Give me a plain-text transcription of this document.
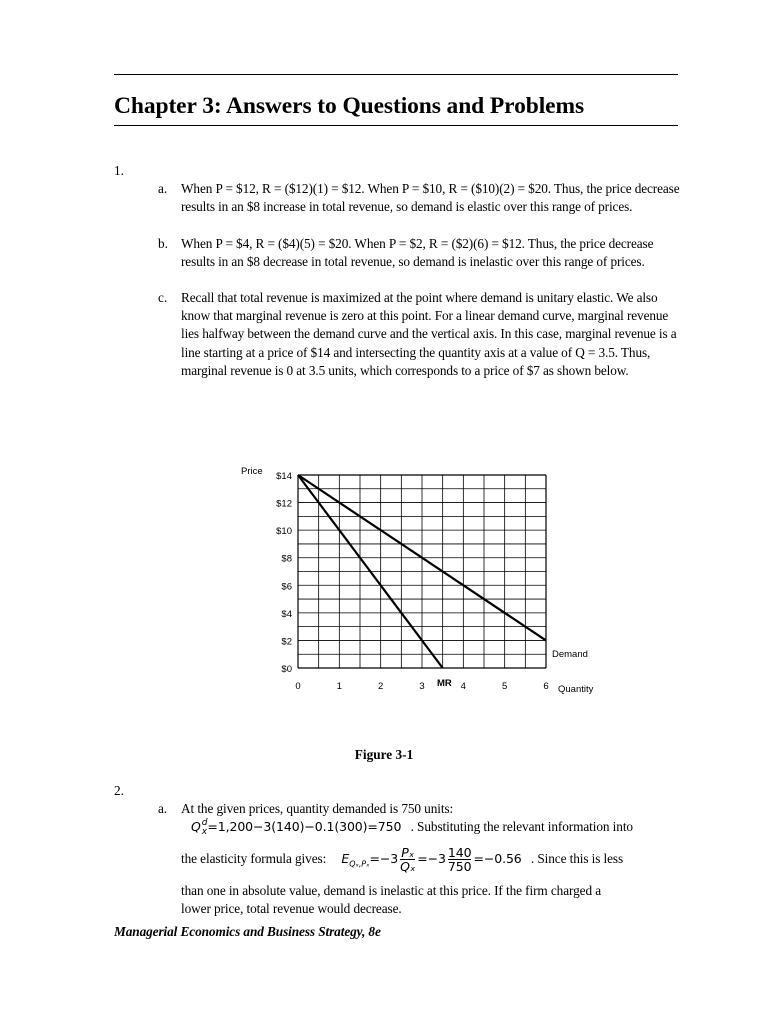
Chapter 3: Answers to Questions and Problems
1.
a.	When P = $12, R = ($12)(1) = $12. When P = $10, R = ($10)(2) = $20. Thus, the price decrease results in an $8 increase in total revenue, so demand is elastic over this range of prices.
b. When P = $4, R = ($4)(5) = $20. When P = $2, R = ($2)(6) = $12. Thus, the price decrease results in an $8 decrease in total revenue, so demand is inelastic over this range of prices.
c.	Recall that total revenue is maximized at the point where demand is unitary elastic. We also know that marginal revenue is zero at this point. For a linear demand curve, marginal revenue lies halfway between the demand curve and the vertical axis. In this case, marginal revenue is a line starting at a price of $14 and intersecting the quantity axis at a value of Q = 3.5. Thus, marginal revenue is 0 at 3.5 units, which corresponds to a price of $7 as shown below.
$0
$2
$4
$6
$8
$10
$12
$14
0	1	2	3	4	5	6
Price
Quantity
Demand
MR
Figure 3-1
2.
a. At the given prices, quantity demanded is 750 units:
Q d
x =1,200−3(140)−0.1(300)=750 . Substituting the relevant information into
the elasticity formula gives: $E_{Q_x,P_x}=-3$ Pₓ
Qₓ
$=-3 \frac{140}{750} =-0.56$ . Since this is less
than one in absolute value, demand is inelastic at this price. If the firm charged a
lower price, total revenue would decrease.
Managerial Economics and Business Strategy, 8e
